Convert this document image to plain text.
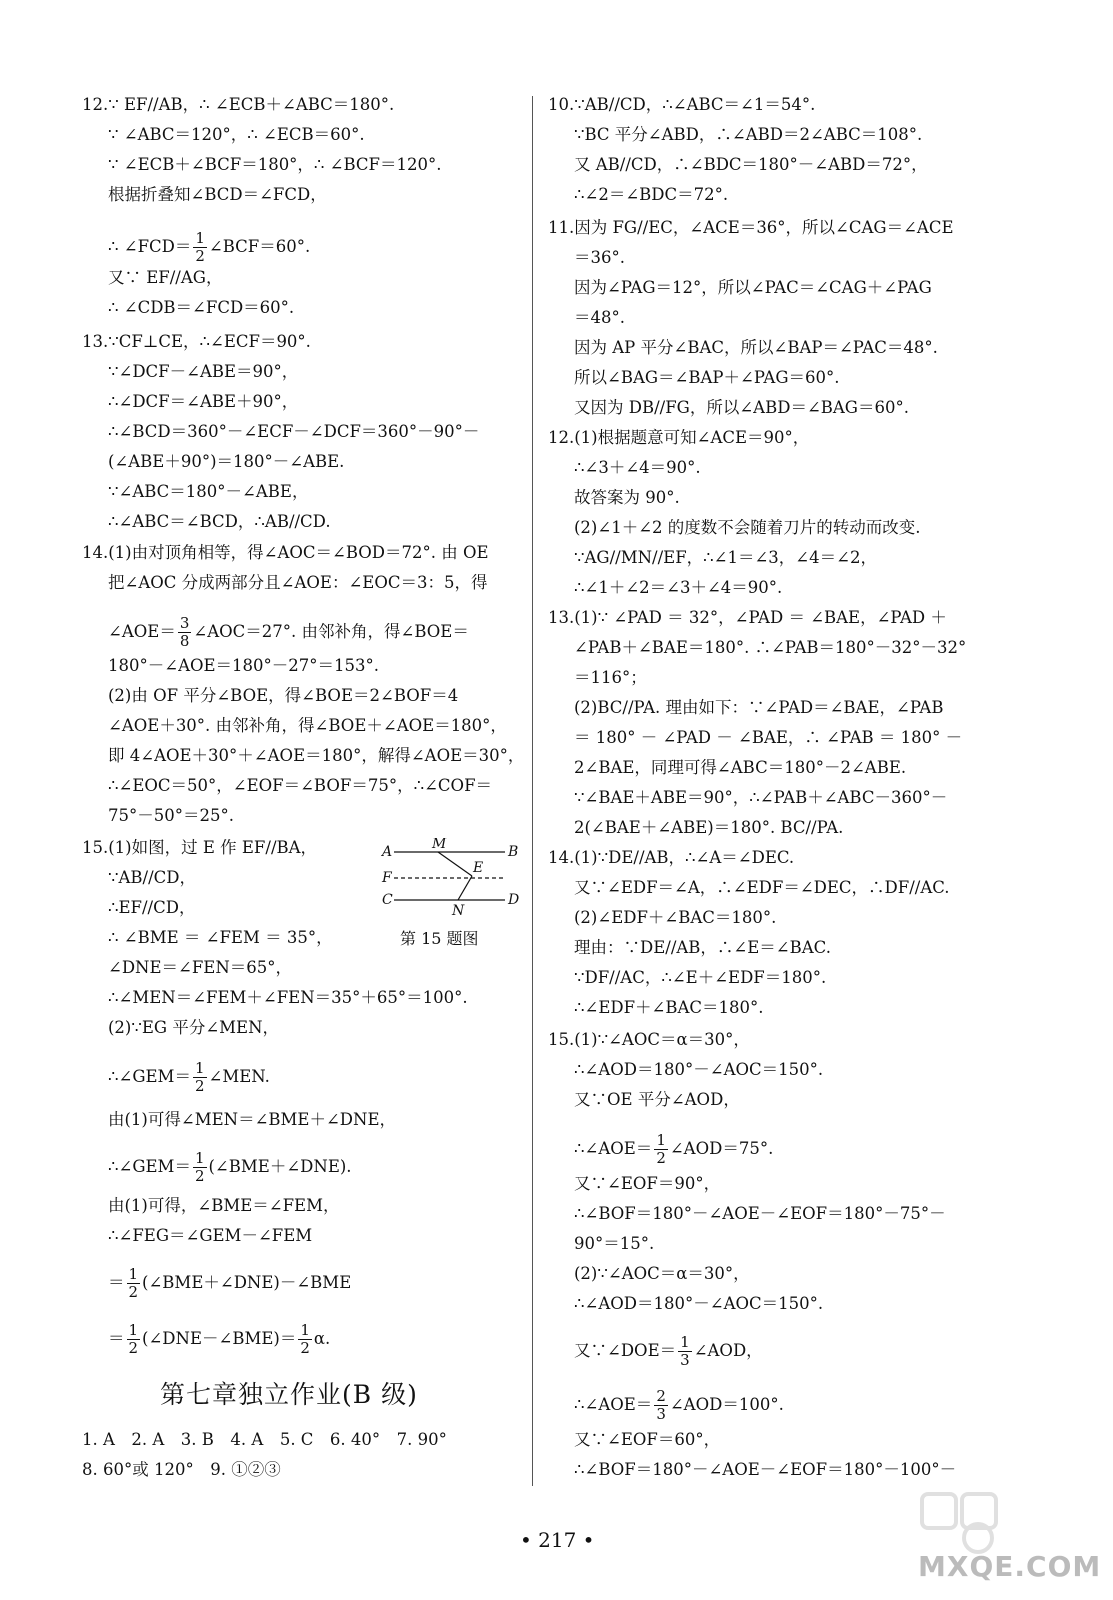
12.∵ EF//AB，∴ ∠ECB＋∠ABC＝180°.
∵ ∠ABC＝120°，∴ ∠ECB＝60°.
∵ ∠ECB＋∠BCF＝180°，∴ ∠BCF＝120°.
根据折叠知∠BCD＝∠FCD，
∴ ∠FCD＝ $\frac{1}{2}$ ∠BCF＝60°.
又∵ EF//AG，
∴ ∠CDB＝∠FCD＝60°.
13.∵CF⊥CE，∴∠ECF＝90°.
∵∠DCF－∠ABE＝90°，
∴∠DCF＝∠ABE＋90°，
∴∠BCD＝360°－∠ECF－∠DCF＝360°－90°－
(∠ABE＋90°)＝180°－∠ABE.
∵∠ABC＝180°－∠ABE，
∴∠ABC＝∠BCD，∴AB//CD.
14.(1)由对顶角相等，得∠AOC＝∠BOD＝72°. 由 OE
把∠AOC 分成两部分且∠AOE：∠EOC＝3：5，得
∠AOE＝ $\frac{3}{8}$ ∠AOC＝27°. 由邻补角，得∠BOE＝
180°－∠AOE＝180°－27°＝153°.
(2)由 OF 平分∠BOE，得∠BOE＝2∠BOF＝4
∠AOE＋30°. 由邻补角，得∠BOE＋∠AOE＝180°，
即 4∠AOE＋30°＋∠AOE＝180°，解得∠AOE＝30°，
∴∠EOC＝50°，∠EOF＝∠BOF＝75°，∴∠COF＝
75°－50°＝25°.
15.(1)如图，过 E 作 EF//BA，
∵AB//CD，
∴EF//CD，
∴ ∠BME ＝ ∠FEM ＝ 35°，
∠DNE＝∠FEN＝65°，
∴∠MEN＝∠FEM＋∠FEN＝35°＋65°＝100°.
(2)∵EG 平分∠MEN，
∴∠GEM＝ $\frac{1}{2}$ ∠MEN.
由(1)可得∠MEN＝∠BME＋∠DNE，
∴∠GEM＝ $\frac{1}{2}$ (∠BME＋∠DNE).
由(1)可得，∠BME＝∠FEM，
∴∠FEG＝∠GEM－∠FEM
＝ $\frac{1}{2}$ (∠BME＋∠DNE)－∠BME
＝ $\frac{1}{2}$ (∠DNE－∠BME)＝ $\frac{1}{2} \alpha$.
第七章独立作业(B 级)
1. A　2. A　3. B　4. A　5. C　6. 40°　7. 90°
8. 60°或 120°　9. ①②③
A	M	B
F
E
C
N
D
第 15 题图
10.∵AB//CD，∴∠ABC＝∠1＝54°.
∵BC 平分∠ABD，∴∠ABD＝2∠ABC＝108°.
又 AB//CD，∴∠BDC＝180°－∠ABD＝72°，
∴∠2＝∠BDC＝72°.
11.因为 FG//EC，∠ACE＝36°，所以∠CAG＝∠ACE
＝36°.
因为∠PAG＝12°，所以∠PAC＝∠CAG＋∠PAG
＝48°.
因为 AP 平分∠BAC，所以∠BAP＝∠PAC＝48°.
所以∠BAG＝∠BAP＋∠PAG＝60°.
又因为 DB//FG，所以∠ABD＝∠BAG＝60°.
12.(1)根据题意可知∠ACE＝90°，
∴∠3＋∠4＝90°.
故答案为 90°.
(2)∠1＋∠2 的度数不会随着刀片的转动而改变.
∵AG//MN//EF，∴∠1＝∠3，∠4＝∠2，
∴∠1＋∠2＝∠3＋∠4＝90°.
13.(1)∵ ∠PAD ＝ 32°，∠PAD ＝ ∠BAE，∠PAD ＋
∠PAB＋∠BAE＝180°. ∴∠PAB＝180°－32°－32°
＝116°；
(2)BC//PA. 理由如下：∵∠PAD＝∠BAE，∠PAB
＝ 180° － ∠PAD － ∠BAE，∴ ∠PAB ＝ 180° －
2∠BAE，同理可得∠ABC＝180°－2∠ABE.
∵∠BAE＋ABE＝90°，∴∠PAB＋∠ABC－360°－
2(∠BAE＋∠ABE)＝180°. BC//PA.
14.(1)∵DE//AB，∴∠A＝∠DEC.
又∵∠EDF＝∠A，∴∠EDF＝∠DEC，∴DF//AC.
(2)∠EDF＋∠BAC＝180°.
理由：∵DE//AB，∴∠E＝∠BAC.
∵DF//AC，∴∠E＋∠EDF＝180°.
∴∠EDF＋∠BAC＝180°.
15.(1)∵∠AOC＝α＝30°，
∴∠AOD＝180°－∠AOC＝150°.
又∵OE 平分∠AOD，
∴∠AOE＝ $\frac{1}{2}$ ∠AOD＝75°.
又∵∠EOF＝90°，
∴∠BOF＝180°－∠AOE－∠EOF＝180°－75°－
90°＝15°.
(2)∵∠AOC＝α＝30°，
∴∠AOD＝180°－∠AOC＝150°.
又∵∠DOE＝ $\frac{1}{3}$ ∠AOD，
∴∠AOE＝ $\frac{2}{3}$ ∠AOD＝100°.
又∵∠EOF＝60°，
∴∠BOF＝180°－∠AOE－∠EOF＝180°－100°－
• 217 •
MXQE.COM
